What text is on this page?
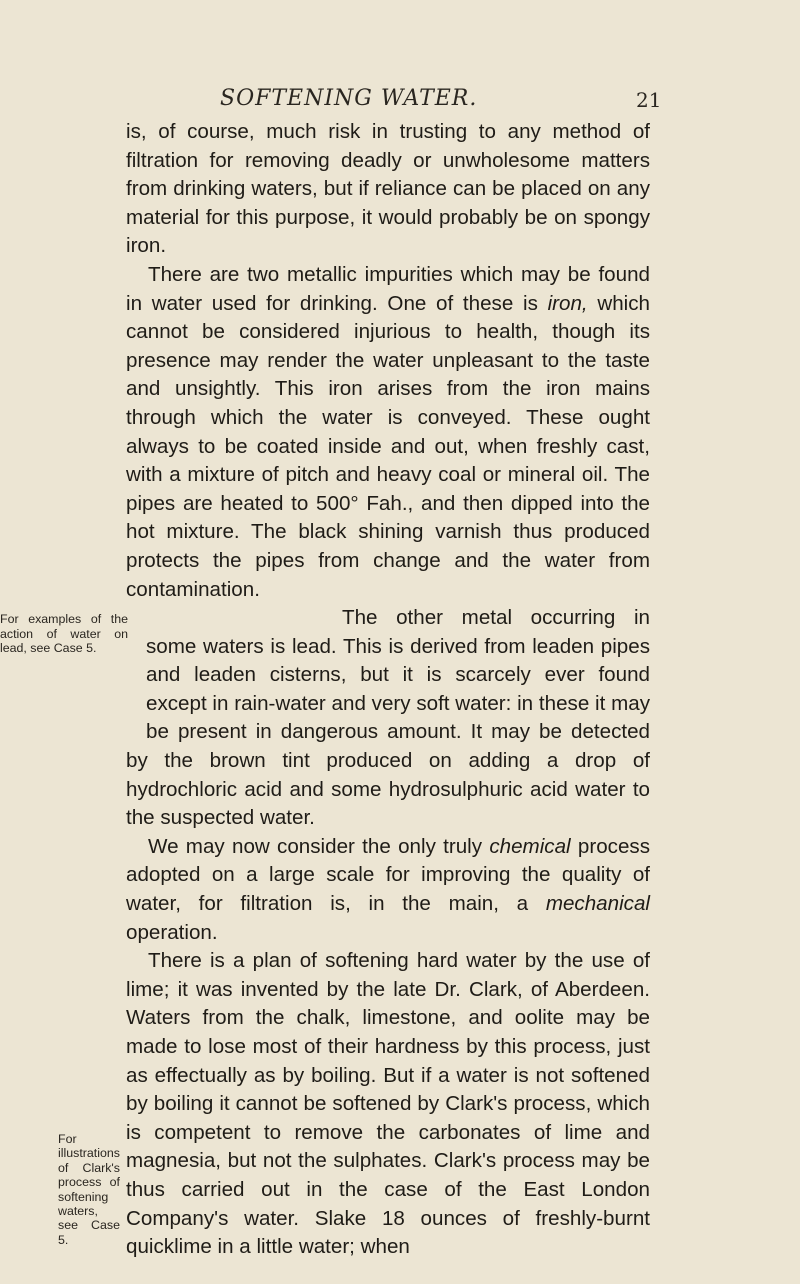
SOFTENING WATER.	21

is, of course, much risk in trusting to any method of filtration for removing deadly or unwholesome matters from drinking waters, but if reliance can be placed on any material for this purpose, it would probably be on spongy iron.

There are two metallic impurities which may be found in water used for drinking. One of these is iron, which cannot be considered injurious to health, though its presence may render the water unpleasant to the taste and unsightly. This iron arises from the iron mains through which the water is conveyed. These ought always to be coated inside and out, when freshly cast, with a mixture of pitch and heavy coal or mineral oil. The pipes are heated to 500° Fah., and then dipped into the hot mixture. The black shining varnish thus produced protects the pipes from change and the water from contamination.

For examples of the action of water on lead, see Case 5.

The other metal occurring in some waters is lead. This is derived from leaden pipes and leaden cisterns, but it is scarcely ever found except in rain-water and very soft water: in these it may be present in dangerous amount. It may be detected by the brown tint produced on adding a drop of hydrochloric acid and some hydrosulphuric acid water to the suspected water.

We may now consider the only truly chemical process adopted on a large scale for improving the quality of water, for filtration is, in the main, a mechanical operation.

There is a plan of softening hard water by the use of lime; it was invented by the late Dr. Clark, of Aberdeen. Waters from the chalk, limestone, and oolite may be made to lose most of their hardness by this process, just as effectually as by boiling. But if a water is not softened by boiling it cannot be softened by Clark's process, which is competent to remove the carbonates of lime and magnesia, but not the sulphates. Clark's process may be thus carried out in the case of the East London Company's water. Slake 18 ounces of freshly-burnt quicklime in a little water; when

For illustrations of Clark's process of softening waters, see Case 5.
